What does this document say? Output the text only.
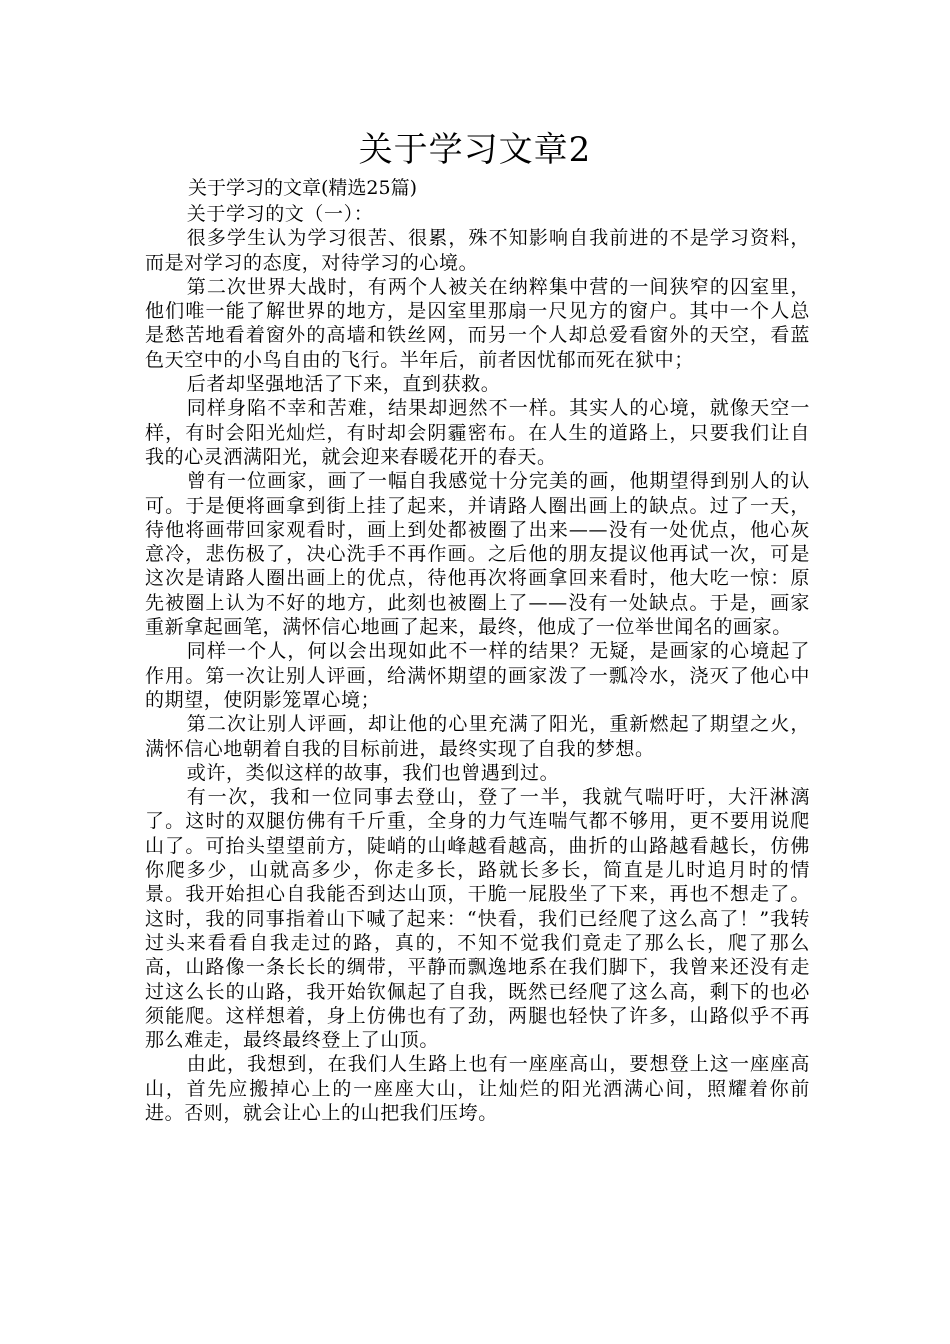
关于学习文章2
关于学习的文章(精选25篇)

关于学习的文（一）：

很多学生认为学习很苦、很累，殊不知影响自我前进的不是学习资料，而是对学习的态度，对待学习的心境。

第二次世界大战时，有两个人被关在纳粹集中营的一间狭窄的囚室里，他们唯一能了解世界的地方，是囚室里那扇一尺见方的窗户。其中一个人总是愁苦地看着窗外的高墙和铁丝网，而另一个人却总爱看窗外的天空，看蓝色天空中的小鸟自由的飞行。半年后，前者因忧郁而死在狱中；

后者却坚强地活了下来，直到获救。

同样身陷不幸和苦难，结果却迥然不一样。其实人的心境，就像天空一样，有时会阳光灿烂，有时却会阴霾密布。在人生的道路上，只要我们让自我的心灵洒满阳光，就会迎来春暖花开的春天。

曾有一位画家，画了一幅自我感觉十分完美的画，他期望得到别人的认可。于是便将画拿到街上挂了起来，并请路人圈出画上的缺点。过了一天，待他将画带回家观看时，画上到处都被圈了出来——没有一处优点，他心灰意冷，悲伤极了，决心洗手不再作画。之后他的朋友提议他再试一次，可是这次是请路人圈出画上的优点，待他再次将画拿回来看时，他大吃一惊：原先被圈上认为不好的地方，此刻也被圈上了——没有一处缺点。于是，画家重新拿起画笔，满怀信心地画了起来，最终，他成了一位举世闻名的画家。

同样一个人，何以会出现如此不一样的结果？无疑，是画家的心境起了作用。第一次让别人评画，给满怀期望的画家泼了一瓢冷水，浇灭了他心中的期望，使阴影笼罩心境；

第二次让别人评画，却让他的心里充满了阳光，重新燃起了期望之火，满怀信心地朝着自我的目标前进，最终实现了自我的梦想。

或许，类似这样的故事，我们也曾遇到过。

有一次，我和一位同事去登山，登了一半，我就气喘吁吁，大汗淋漓了。这时的双腿仿佛有千斤重，全身的力气连喘气都不够用，更不要用说爬山了。可抬头望望前方，陡峭的山峰越看越高，曲折的山路越看越长，仿佛你爬多少，山就高多少，你走多长，路就长多长，简直是儿时追月时的情景。我开始担心自我能否到达山顶，干脆一屁股坐了下来，再也不想走了。这时，我的同事指着山下喊了起来：“快看，我们已经爬了这么高了！”我转过头来看看自我走过的路，真的，不知不觉我们竟走了那么长，爬了那么高，山路像一条长长的绸带，平静而飘逸地系在我们脚下，我曾来还没有走过这么长的山路，我开始钦佩起了自我，既然已经爬了这么高，剩下的也必须能爬。这样想着，身上仿佛也有了劲，两腿也轻快了许多，山路似乎不再那么难走，最终最终登上了山顶。

由此，我想到，在我们人生路上也有一座座高山，要想登上这一座座高山，首先应搬掉心上的一座座大山，让灿烂的阳光洒满心间，照耀着你前进。否则，就会让心上的山把我们压垮。
